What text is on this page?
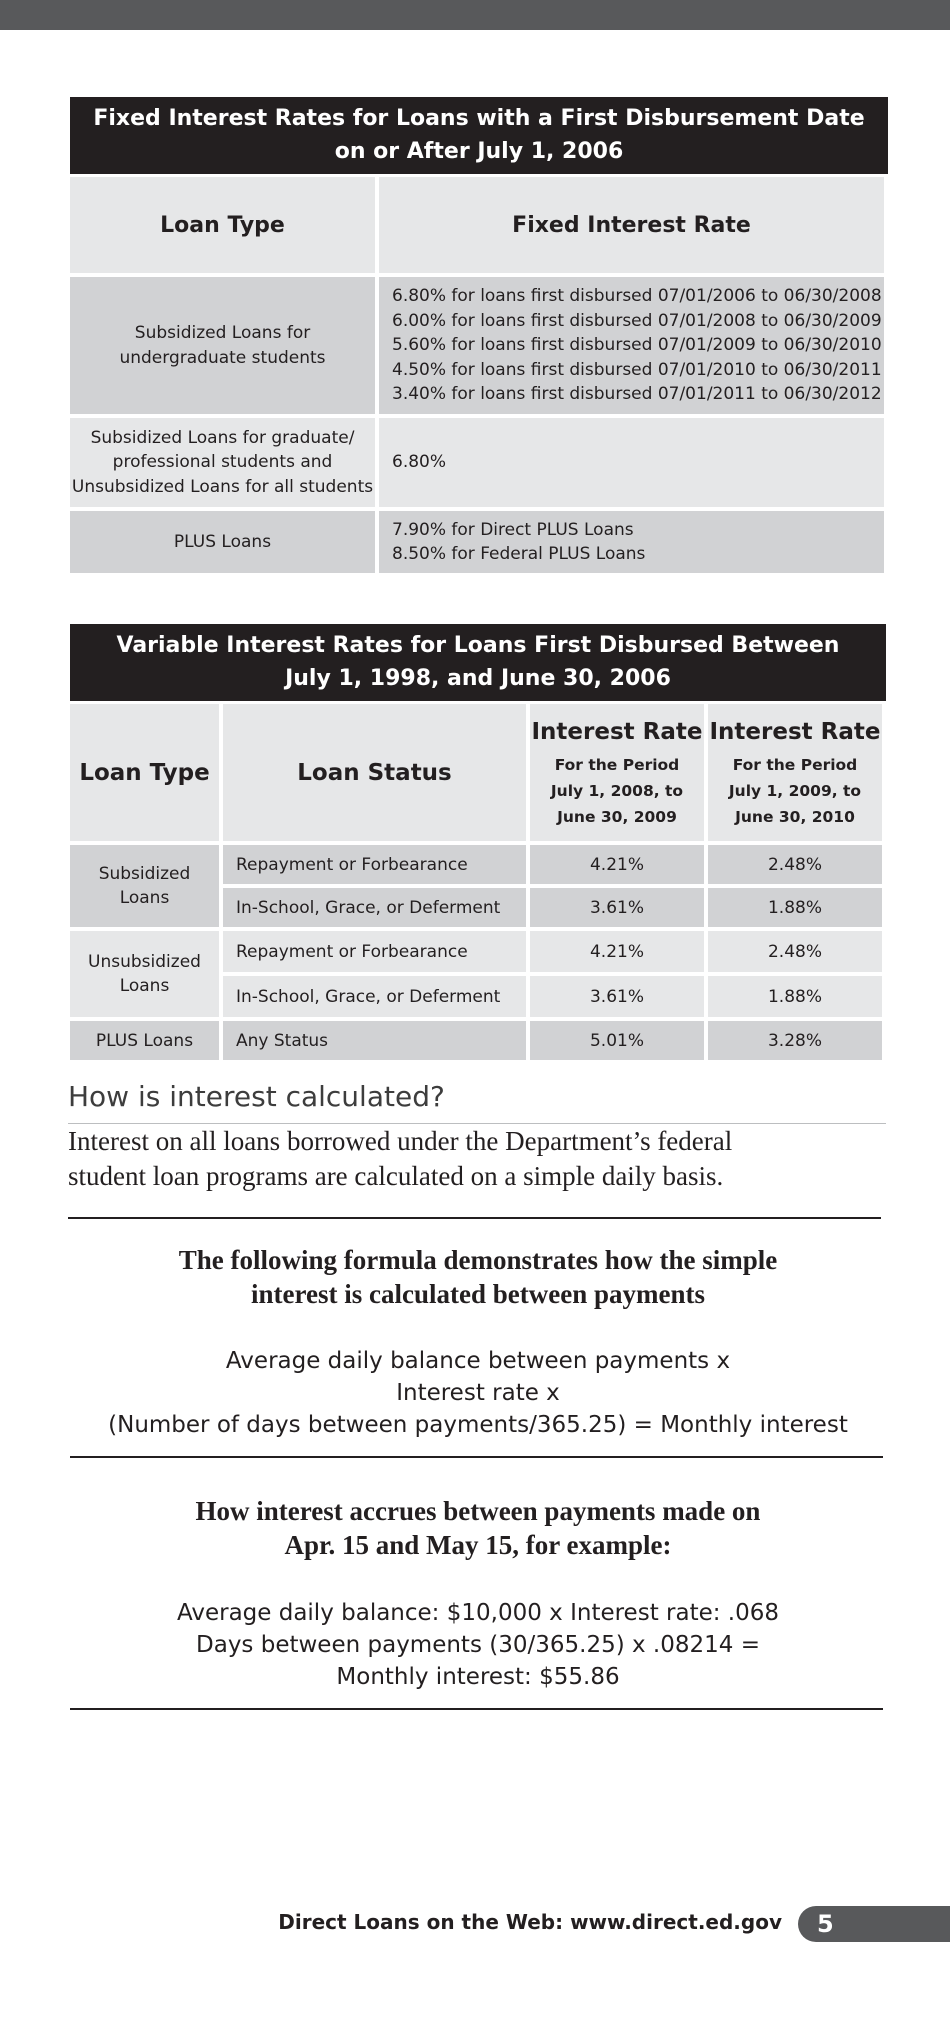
Fixed Interest Rates for Loans with a First Disbursement Date
on or After July 1, 2006
Loan Type	Fixed Interest Rate

Subsidized Loans for
undergraduate students	6.80% for loans first disbursed 07/01/2006 to 06/30/2008
6.00% for loans first disbursed 07/01/2008 to 06/30/2009
5.60% for loans first disbursed 07/01/2009 to 06/30/2010
4.50% for loans first disbursed 07/01/2010 to 06/30/2011
3.40% for loans first disbursed 07/01/2011 to 06/30/2012

Subsidized Loans for graduate/
professional students and
Unsubsidized Loans for all students	6.80%

PLUS Loans	7.90% for Direct PLUS Loans
8.50% for Federal PLUS Loans
Variable Interest Rates for Loans First Disbursed Between
July 1, 1998, and June 30, 2006
Loan Type	Loan Status	Interest Rate
For the Period
July 1, 2008, to
June 30, 2009	Interest Rate
For the Period
July 1, 2009, to
June 30, 2010

Subsidized
Loans	Repayment or Forbearance	4.21%	2.48%
	In-School, Grace, or Deferment	3.61%	1.88%

Unsubsidized
Loans	Repayment or Forbearance	4.21%	2.48%
	In-School, Grace, or Deferment	3.61%	1.88%
PLUS Loans	Any Status	5.01%	3.28%
How is interest calculated?
Interest on all loans borrowed under the Department’s federal
student loan programs are calculated on a simple daily basis.
The following formula demonstrates how the simple
interest is calculated between payments
Average daily balance between payments x
Interest rate x
(Number of days between payments/365.25) = Monthly interest
How interest accrues between payments made on
Apr. 15 and May 15, for example:
Average daily balance: $10,000 x Interest rate: .068
Days between payments (30/365.25) x .08214 =
Monthly interest: $55.86
Direct Loans on the Web: www.direct.ed.gov	5
